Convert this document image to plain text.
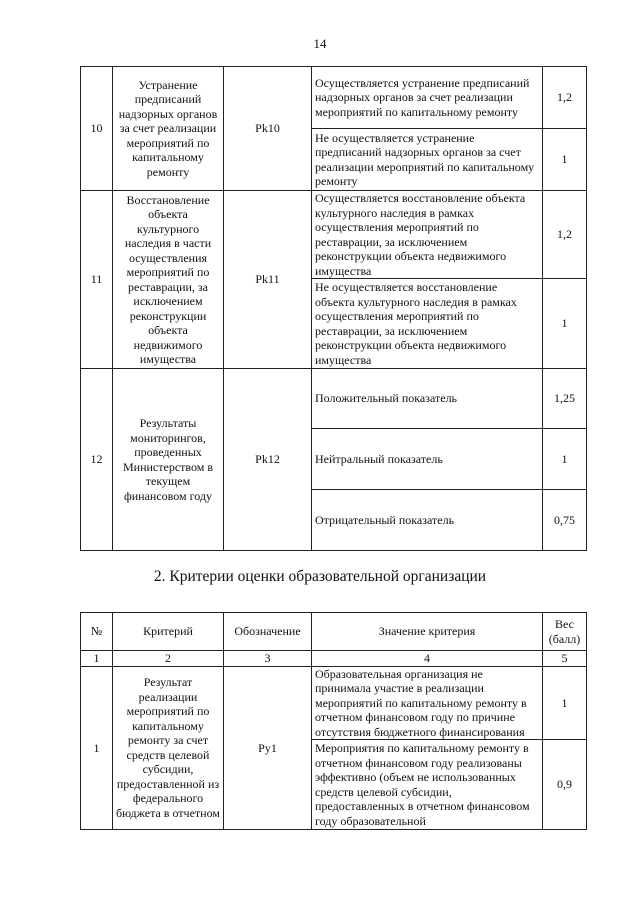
14
10	Устранение предписаний надзорных органов за счет реализации мероприятий по капитальному ремонту	Pk10	Осуществляется устранение предписаний надзорных органов за счет реализации мероприятий по капитальному ремонту	1,2
			Не осуществляется устранение предписаний надзорных органов за счет реализации мероприятий по капитальному ремонту	1
11	Восстановление объекта культурного наследия в части осуществления мероприятий по реставрации, за исключением реконструкции объекта недвижимого имущества	Pk11	Осуществляется восстановление объекта культурного наследия в рамках осуществления мероприятий по реставрации, за исключением реконструкции объекта недвижимого имущества	1,2
			Не осуществляется восстановление объекта культурного наследия в рамках осуществления мероприятий по реставрации, за исключением реконструкции объекта недвижимого имущества	1
12	Результаты мониторингов, проведенных Министерством в текущем финансовом году	Pk12	Положительный показатель	1,25
			Нейтральный показатель	1
			Отрицательный показатель	0,75
2. Критерии оценки образовательной организации
№	Критерий	Обозначение	Значение критерия	Вес (балл)
1	2	3	4	5
1	Результат реализации мероприятий по капитальному ремонту за счет средств целевой субсидии, предоставленной из федерального бюджета в отчетном	Py1	Образовательная организация не принимала участие в реализации мероприятий по капитальному ремонту в отчетном финансовом году по причине отсутствия бюджетного финансирования	1
			Мероприятия по капитальному ремонту в отчетном финансовом году реализованы эффективно (объем не использованных средств целевой субсидии, предоставленных в отчетном финансовом году образовательной	0,9
